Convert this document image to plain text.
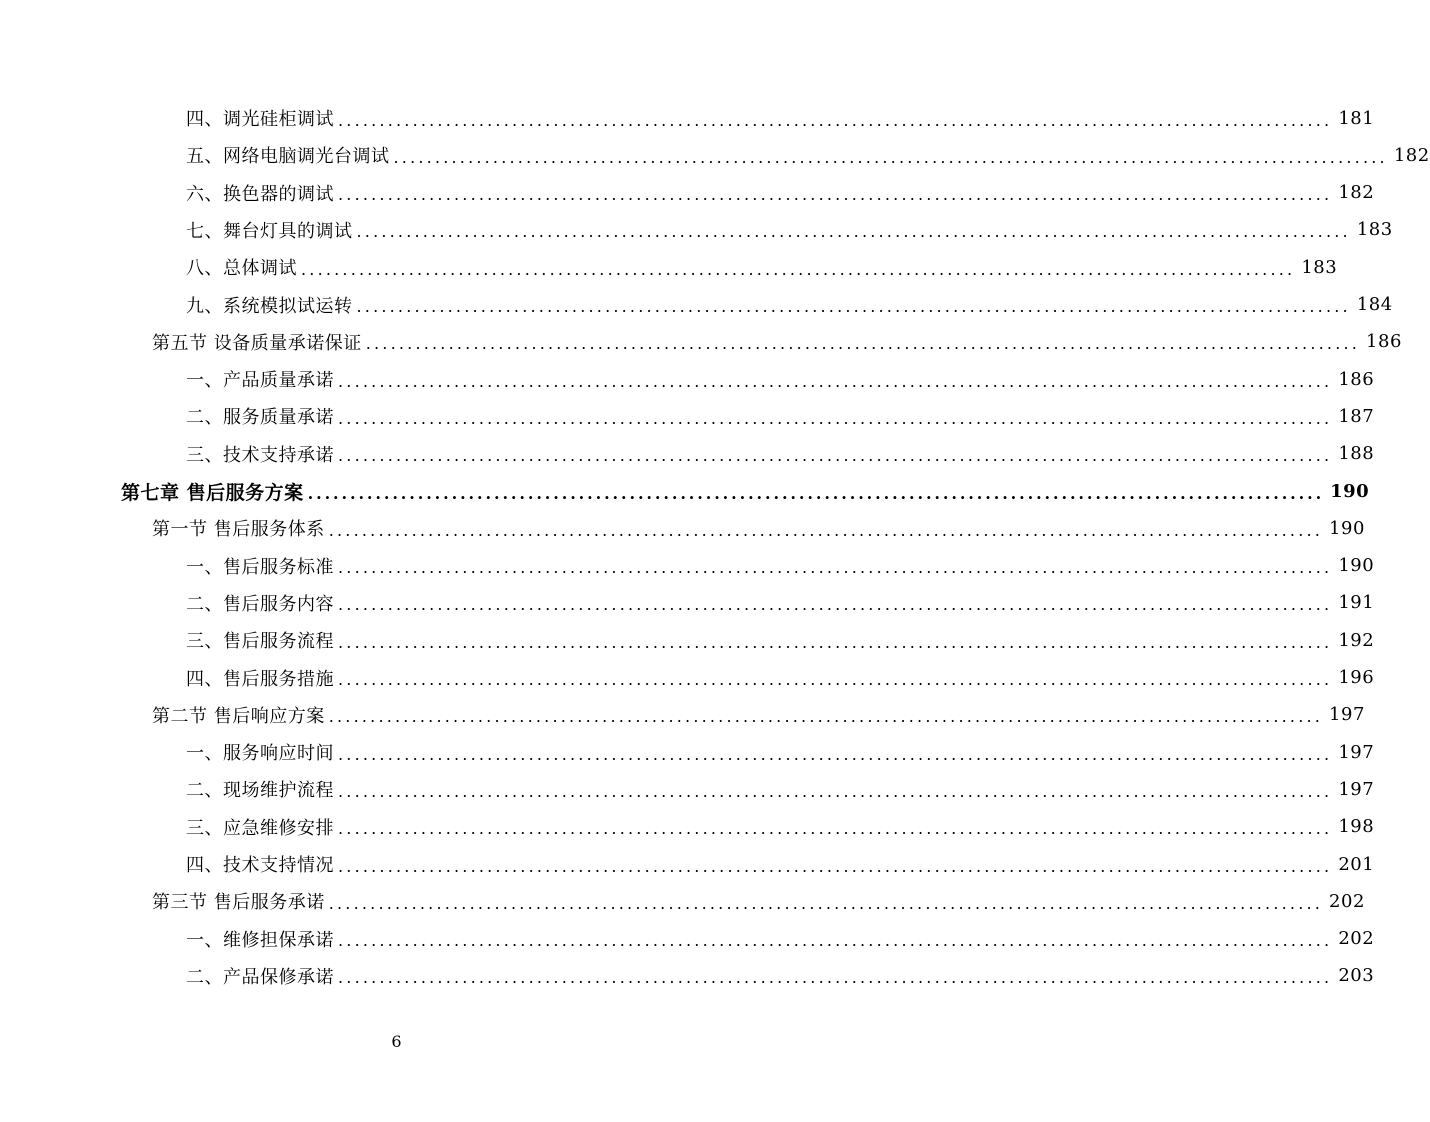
四、调光硅柜调试 ........................................................................................................................ 181
五、网络电脑调光台调试 ........................................................................................................................ 182
六、换色器的调试 ........................................................................................................................ 182
七、舞台灯具的调试 ........................................................................................................................ 183
八、总体调试 ........................................................................................................................ 183
九、系统模拟试运转 ........................................................................................................................ 184
第五节 设备质量承诺保证 ........................................................................................................................ 186
一、产品质量承诺 ........................................................................................................................ 186
二、服务质量承诺 ........................................................................................................................ 187
三、技术支持承诺 ........................................................................................................................ 188
第七章 售后服务方案 ........................................................................................................................ 190
第一节 售后服务体系 ........................................................................................................................ 190
一、售后服务标准 ........................................................................................................................ 190
二、售后服务内容 ........................................................................................................................ 191
三、售后服务流程 ........................................................................................................................ 192
四、售后服务措施 ........................................................................................................................ 196
第二节 售后响应方案 ........................................................................................................................ 197
一、服务响应时间 ........................................................................................................................ 197
二、现场维护流程 ........................................................................................................................ 197
三、应急维修安排 ........................................................................................................................ 198
四、技术支持情况 ........................................................................................................................ 201
第三节 售后服务承诺 ........................................................................................................................ 202
一、维修担保承诺 ........................................................................................................................ 202
二、产品保修承诺 ........................................................................................................................ 203
6
